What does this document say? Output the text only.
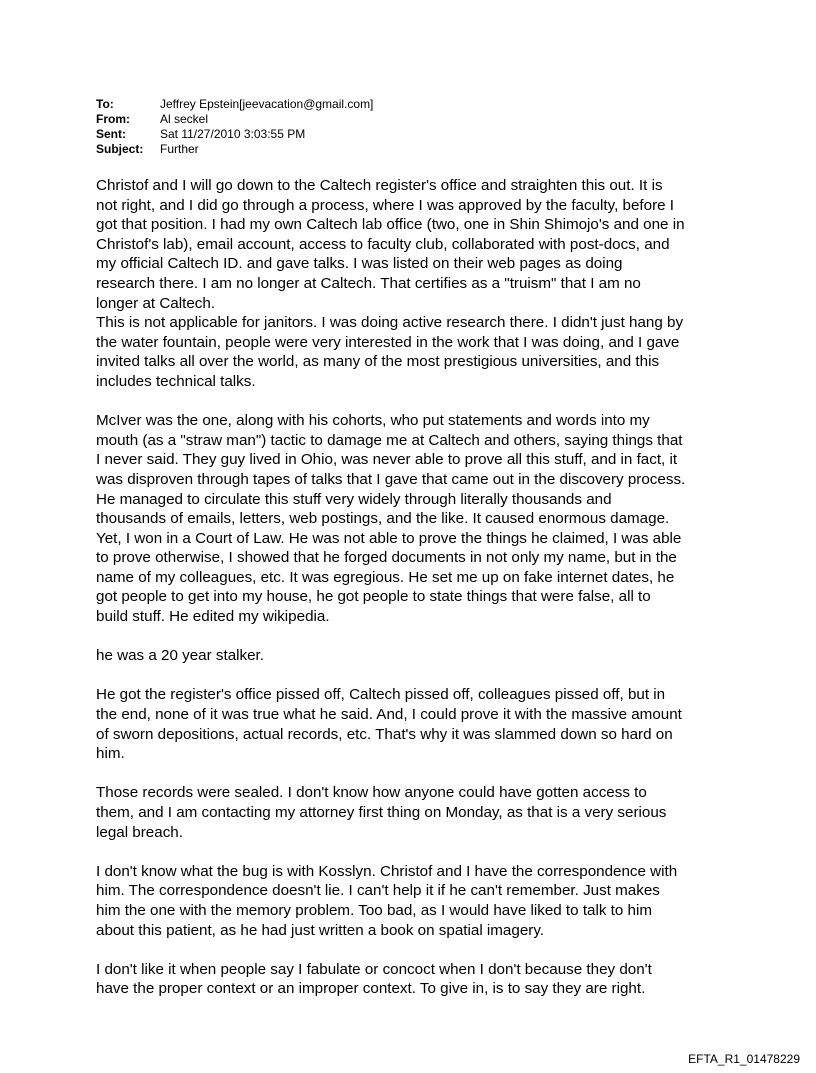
To:	Jeffrey Epstein[jeevacation@gmail.com]
From:	Al seckel
Sent:	Sat 11/27/2010 3:03:55 PM
Subject:	Further
Christof and I will go down to the Caltech register's office and straighten this out. It is
not right, and I did go through a process, where I was approved by the faculty, before I
got that position. I had my own Caltech lab office (two, one in Shin Shimojo's and one in
Christof's lab), email account, access to faculty club, collaborated with post-docs, and
my official Caltech ID. and gave talks. I was listed on their web pages as doing
research there. I am no longer at Caltech. That certifies as a "truism" that I am no
longer at Caltech.
This is not applicable for janitors. I was doing active research there. I didn't just hang by
the water fountain, people were very interested in the work that I was doing, and I gave
invited talks all over the world, as many of the most prestigious universities, and this
includes technical talks.
McIver was the one, along with his cohorts, who put statements and words into my
mouth (as a "straw man") tactic to damage me at Caltech and others, saying things that
I never said. They guy lived in Ohio, was never able to prove all this stuff, and in fact, it
was disproven through tapes of talks that I gave that came out in the discovery process.
He managed to circulate this stuff very widely through literally thousands and
thousands of emails, letters, web postings, and the like. It caused enormous damage.
Yet, I won in a Court of Law. He was not able to prove the things he claimed, I was able
to prove otherwise, I showed that he forged documents in not only my name, but in the
name of my colleagues, etc. It was egregious. He set me up on fake internet dates, he
got people to get into my house, he got people to state things that were false, all to
build stuff. He edited my wikipedia.
he was a 20 year stalker.
He got the register's office pissed off, Caltech pissed off, colleagues pissed off, but in
the end, none of it was true what he said. And, I could prove it with the massive amount
of sworn depositions, actual records, etc. That's why it was slammed down so hard on
him.
Those records were sealed. I don't know how anyone could have gotten access to
them, and I am contacting my attorney first thing on Monday, as that is a very serious
legal breach.
I don't know what the bug is with Kosslyn. Christof and I have the correspondence with
him. The correspondence doesn't lie. I can't help it if he can't remember. Just makes
him the one with the memory problem. Too bad, as I would have liked to talk to him
about this patient, as he had just written a book on spatial imagery.
I don't like it when people say I fabulate or concoct when I don't because they don't
have the proper context or an improper context. To give in, is to say they are right.
EFTA_R1_01478229
